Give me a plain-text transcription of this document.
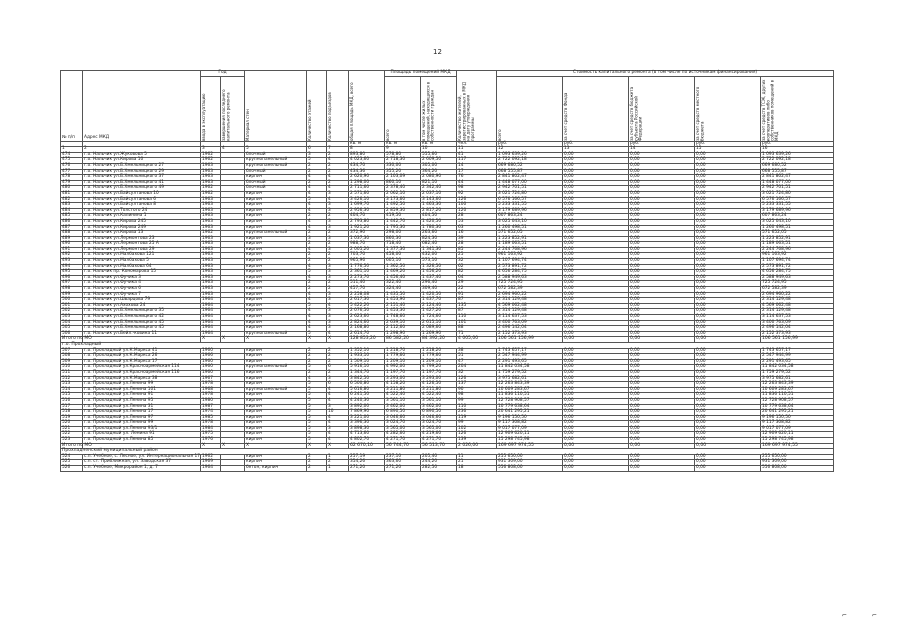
12
№ п/п	Адрес МКД	Год		Материал стен	Количество этажей	Количество подъездов	общая площадь МКД, всего	Площадь помещений МКД		Количество жителей, зарегистрированных в МКД на дату утверждения программы	Стоимость капитального ремонта (в том числе по источникам финансирования)				

		ввода в эксплуатацию	завершения последнего капитального ремонта					всего	в том числе жилых помещений, находящихся в собственности граждан		всего	за счет средств Фонда	за счет средств бюджета субъекта Российской Федерации	за счет средств местного бюджета	за счет средств ТСЖ, других кооперативов либо собственников помещений в МКД

							кв. м	кв. м	кв. м	чел.	руб.	руб.	руб.	руб.	руб.
1	2	3	4	5	6	7	8	9	10	11	12	13	14	15	16
474	г.о. Нальчик ул.Жуковова 5	1962		блочный	3	2	893,80	578,80	555,60	41	1 093 639,26	0,00	0,00	0,00	1 093 639,26
475	г.о. Нальчик ул.Кирова 10	1962		крупнопанельный	5	4	4 023,60	2 718,30	2 609,50	117	2 722 092,18	0,00	0,00	0,00	2 722 092,18
476	г.о. Нальчик ул.Б.Хмельницкого 27	1963		крупнопанельный	2	2	434,70	330,00	305,00	14	669 680,52	0,00	0,00	0,00	669 680,52
477	г.о. Нальчик ул.Б.Хмельницкого 29	1963		блочный	2	2	434,36	355,20	364,20	17	668 555,87	0,00	0,00	0,00	668 555,87
478	г.о. Нальчик ул.Б.Хмельницкого 37	1963		кирпич	4	4	2 620,90	2 103,09	2 080,90	76	2 841 802,47	0,00	0,00	0,00	2 841 802,47
479	г.о. Нальчик ул.Б.Хмельницкого 41	1963		блочный	2	2	1 298,00	860,10	821,10	44	1 448 077,00	0,00	0,00	0,00	1 448 077,00
480	г.о. Нальчик ул.Б.Хмельницкого 49	1962		блочный	4	4	2 711,60	2 378,40	2 342,40	98	2 942 701,51	0,00	0,00	0,00	2 942 701,51
481	г.о. Нальчик ул.Байсултанова 10	1962		кирпич	4	3	2 571,60	2 062,10	2 037,10	92	3 021 724,80	0,00	0,00	0,00	3 021 724,80
482	г.о. Нальчик ул.Байсултанова 6	1963		кирпич	5	4	3 426,10	3 173,60	3 143,60	126	6 576 166,57	0,00	0,00	0,00	6 576 166,57
483	г.о. Нальчик ул.Байсултанова 8	1963		кирпич	4	3	1 699,70	1 492,50	1 463,30	100	5 233 331,55	0,00	0,00	0,00	5 233 331,55
484	г.о. Нальчик ул.Толстого 24	1963		кирпич	4	3	2 956,30	2 859,30	2 817,20	120	3 179 689,96	0,00	0,00	0,00	3 179 689,96
485	г.о. Нальчик ул.Калинина 1	1963		кирпич	2	2	404,70	419,50	404,50	28	607 863,24	0,00	0,00	0,00	607 863,24
486	г.о. Нальчик ул.Кирова 245	1963		кирпич	4	3	2 793,80	1 442,70	1 420,50	53	3 025 043,10	0,00	0,00	0,00	3 025 043,10
487	г.о. Нальчик ул.Кирова 249	1963		кирпич	4	3	1 921,20	1 795,30	1 780,30	63	1 260 498,51	0,00	0,00	0,00	1 260 498,51
488	г.о. Нальчик ул.Кирова 13	1962		крупнопанельный	2	2	372,90	298,00	263,60	16	571 652,05	0,00	0,00	0,00	571 652,05
489	г.о. Нальчик ул.Лермонтова 23	1963		кирпич	3	3	1 037,30	860,30	824,30	39	1 223 852,91	0,00	0,00	0,00	1 223 852,91
490	г.о. Нальчик ул.Лермонтова 25 А	1963		кирпич	2	2	988,70	718,40	682,40	28	1 189 063,51	0,00	0,00	0,00	1 189 063,51
491	г.о. Нальчик ул.Лермонтова 29	1963		кирпич	4	3	2 005,20	1 377,30	1 341,30	85	2 244 768,96	0,00	0,00	0,00	2 244 768,96
492	г.о. Нальчик ул.Малбахова 121	1963		кирпич	2	2	703,70	458,00	432,00	25	961 163,92	0,00	0,00	0,00	961 163,92
493	г.о. Нальчик ул.Малбахова 5	1963		кирпич	2	2	965,96	605,10	573,10	32	1 107 694,74	0,00	0,00	0,00	1 107 694,74
494	г.о. Нальчик ул.Малбахова 64	1963		кирпич	4	3	1 776,50	1 362,50	1 326,50	62	2 573 891,72	0,00	0,00	0,00	2 573 891,72
495	г.о. Нальчик пр. Кономарова 15	1963		кирпич	5	3	2 361,10	1 469,20	1 456,20	82	4 656 284,75	0,00	0,00	0,00	4 656 284,75
496	г.о. Нальчик ул.Фучика 3	1963		кирпич	4	3	2 273,70	1 456,40	1 437,40	64	2 588 949,63	0,00	0,00	0,00	2 588 949,63
497	г.о. Нальчик ул.Фучика 4	1963		кирпич	2	2	511,40	322,40	296,40	29	725 724,95	0,00	0,00	0,00	725 724,95
498	г.о. Нальчик ул.Фучика 6	1963		кирпич	2	2	457,70	324,40	309,40	22	672 582,39	0,00	0,00	0,00	672 582,39
499	г.о. Нальчик ул.Фучика 7	1963		кирпич	4	3	2 258,08	1 435,50	1 420,50	91	2 694 960,22	0,00	0,00	0,00	2 694 960,22
500	г.о. Нальчик ул.Шварцова 79	1964		кирпич	4	3	2 617,30	1 453,90	1 437,70	87	2 314 129,48	0,00	0,00	0,00	2 314 129,48
501	г.о. Нальчик ул.Ахохова 24	1964		кирпич	5	4	5 422,20	2 151,40	2 124,40	135	4 569 062,48	0,00	0,00	0,00	4 569 062,48
502	г.о. Нальчик ул.Б.Хмельницкого 35	1964		кирпич	4	3	2 076,50	1 453,30	1 427,20	87	2 314 129,48	0,00	0,00	0,00	2 314 129,48
503	г.о. Нальчик ул.Б.Хмельницкого 42	1964		кирпич	4	3	2 623,60	1 748,60	1 724,60	110	3 114 637,53	0,00	0,00	0,00	3 114 637,53
504	г.о. Нальчик ул.Б.Хмельницкого 45	1964		кирпич	4	3	2 824,60	2 639,10	2 615,10	101	3 400 763,09	0,00	0,00	0,00	3 400 763,09
505	г.о. Нальчик ул.Б.Хмельницкого 45	1964		кирпич	4	3	2 168,80	2 112,60	2 089,60	88	2 496 142,04	0,00	0,00	0,00	2 496 142,04
506	г.о. Нальчик ул.Бейл.-ковина 11	1964		крупнопанельный	5	4	2 614,70	1 298,90	1 269,90	71	2 152 373,93	0,00	0,00	0,00	2 152 373,93
Итого по МО		X	X	X	X	X	128 853,20	86 582,20	84 392,20	4 005,00	106 561 156,99	0,00	0,00	0,00	106 561 156,99
г.о. Прохладный															
507	г.о. Прохладный ул.К.Маркса 41	1960		кирпич	2	2	1 352,10	1 218,70	1 218,20	38	1 743 657,17	0,00	0,00	0,00	1 743 657,17
508	г.о. Прохладный ул.К.Маркса 26	1966		кирпич	2	2	1 933,10	1 779,60	1 779,60	51	2 547 944,99	0,00	0,00	0,00	2 547 944,99
509	г.о. Прохладный ул.К.Маркса 17	1960		кирпич	2	2	1 509,10	1 209,10	1 209,10	47	2 291 493,65	0,00	0,00	0,00	2 291 493,65
510	г.о. Прохладный ул.Красноармейская 114	1960		крупнопанельный	5	6	5 916,10	4 992,00	4 799,20	204	11 842 034,58	0,00	0,00	0,00	11 842 034,58
511	г.о. Прохладный ул.Красноармейская 116	1960		кирпич	2	2	1 344,70	1 197,70	1 197,70	32	1 759 279,52	0,00	0,00	0,00	1 759 279,52
512	г.о. Прохладный ул.К.Маркса 38	1967		кирпич	4	3	3 842,50	3 293,00	3 293,00	126	3 975 682,61	0,00	0,00	0,00	3 975 682,61
513	г.о. Прохладный ул.Ленина 99	1978		кирпич	5	6	6 500,80	4 158,20	4 126,50	137	12 263 843,39	0,00	0,00	0,00	12 263 843,39
514	г.о. Прохладный ул.Ленина 101	1968		крупнопанельный	5	4	5 616,80	3 211,80	3 211,80	90	10 609 283,67	0,00	0,00	0,00	10 609 283,67
515	г.о. Прохладный ул.Ленина 91	1978		кирпич	5	4	6 241,50	4 522,40	4 522,40	98	11 836 110,51	0,00	0,00	0,00	11 836 110,51
516	г.о. Прохладный ул.Ленина 95	1980		кирпич	5	4	4 240,30	3 561,10	3 561,10	99	12 728 908,57	0,00	0,00	0,00	12 728 908,57
517	г.о. Прохладный ул.Ленина 31	1987		кирпич	5	3	3 892,00	3 462,00	3 462,00	110	10 779 638,64	0,00	0,00	0,00	10 779 638,64
518	г.о. Прохладный ул.Ленина 17	1974		кирпич	5	10	7 869,90	6 890,50	6 890,50	236	20 641 295,21	0,00	0,00	0,00	20 641 295,21
519	г.о. Прохладный ул.Ленина 97	1985		кирпич	5	4	3 221,00	3 046,60	3 046,60	119	9 196 150,50	0,00	0,00	0,00	9 196 150,50
520	г.о. Прохладный ул.Ленина 99	1978		кирпич	5	4	3 396,30	3 024,70	3 024,70	99	9 117 308,82	0,00	0,00	0,00	9 117 308,82
521	г.о. Прохладный ул.Ленина 93/1	1984		кирпич	5	3	3 898,30	3 565,00	3 565,00	102	9 017 077,09	0,00	0,00	0,00	9 017 077,09
522	г.о. Прохладный ул. Ленина 91	1975		кирпич	5	4	4 713,60	4 282,60	4 219,60	126	12 909 620,11	0,00	0,00	0,00	12 909 620,11
523	г.о. Прохладный ул.Ленина 85	1976		кирпич	5	4	4 802,70	4 271,70	4 271,70	139	15 298 745,98	0,00	0,00	0,00	15 298 745,98
Итого по МО		X	X	X	X	X	62 670,10	56 744,70	56 513,70	2 026,00	169 697 974,55	0,00	0,00	0,00	169 697 974,55
Прохладненский муниципальный район															
524	с.п. Учебное, с. Лесное, ул. Интернациональная 17	1962		кирпич	2	1	257,19	237,10	205,40	11	255 650,00	0,00	0,00	0,00	255 650,00
525	с.п. ст. Приближная, ул. Заводская 37	1969		кирпич	2	2	354,26	363,60	244,20	21	931 309,00	0,00	0,00	0,00	931 309,00
526	с.п. Учебное, Микрорайон 1, д. 7	1964		бетон, кирпич	2	1	271,20	271,20	282,50	18	556 808,00	0,00	0,00	0,00	556 808,00
⌐	⌐
